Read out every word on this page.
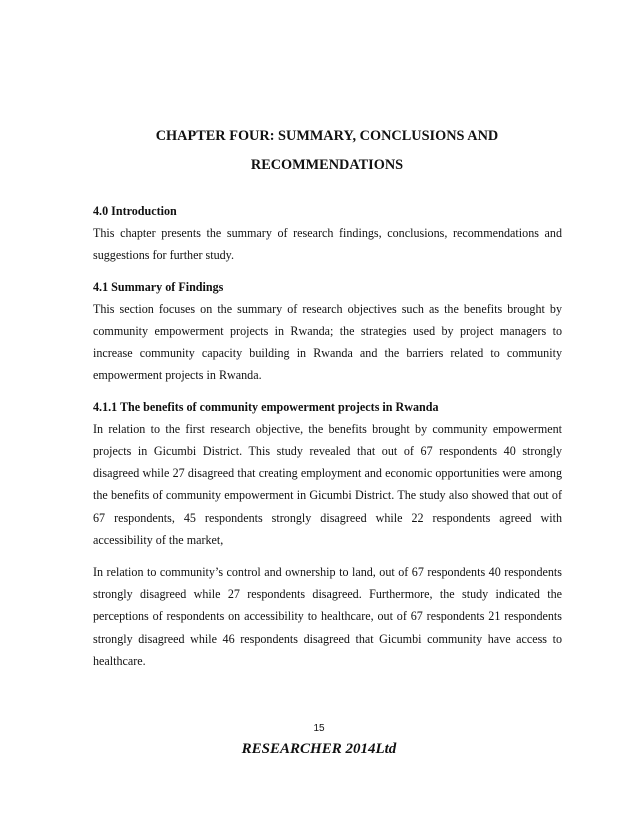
CHAPTER FOUR: SUMMARY, CONCLUSIONS AND
RECOMMENDATIONS

4.0 Introduction

This chapter presents the summary of research findings, conclusions, recommendations and suggestions for further study.

4.1 Summary of Findings

This section focuses on the summary of research objectives such as the benefits brought by community empowerment projects in Rwanda; the strategies used by project managers to increase community capacity building in Rwanda and the barriers related to community empowerment projects in Rwanda.

4.1.1 The benefits of community empowerment projects in Rwanda

In relation to the first research objective, the benefits brought by community empowerment projects in Gicumbi District. This study revealed that out of 67 respondents 40 strongly disagreed while 27 disagreed that creating employment and economic opportunities were among the benefits of community empowerment in Gicumbi District. The study also showed that out of 67 respondents, 45 respondents strongly disagreed while 22 respondents agreed with accessibility of the market,

In relation to community’s control and ownership to land, out of 67 respondents 40 respondents strongly disagreed while 27 respondents disagreed. Furthermore, the study indicated the perceptions of respondents on accessibility to healthcare, out of 67 respondents 21 respondents strongly disagreed while 46 respondents disagreed that Gicumbi community have access to healthcare.

15
RESEARCHER 2014Ltd
